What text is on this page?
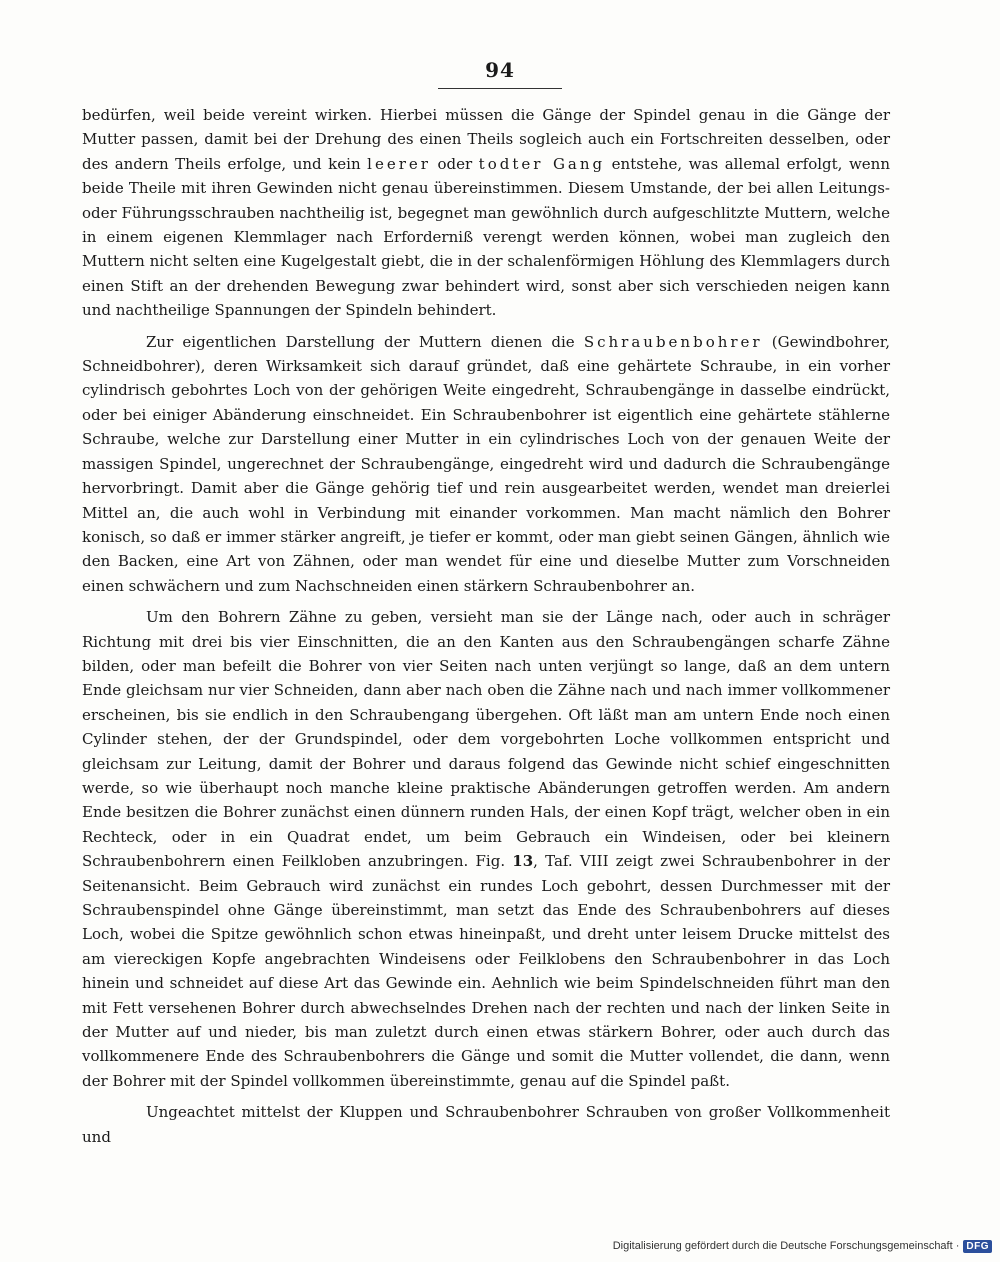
94

bedürfen, weil beide vereint wirken. Hierbei müssen die Gänge der Spindel genau in die Gänge der Mutter passen, damit bei der Drehung des einen Theils sogleich auch ein Fortschreiten desselben, oder des andern Theils erfolge, und kein leerer oder todter Gang entstehe, was allemal erfolgt, wenn beide Theile mit ihren Gewinden nicht genau übereinstimmen. Diesem Umstande, der bei allen Leitungs- oder Führungsschrauben nachtheilig ist, begegnet man gewöhnlich durch aufgeschlitzte Muttern, welche in einem eigenen Klemmlager nach Erforderniß verengt werden können, wobei man zugleich den Muttern nicht selten eine Kugelgestalt giebt, die in der schalenförmigen Höhlung des Klemmlagers durch einen Stift an der drehenden Bewegung zwar behindert wird, sonst aber sich verschieden neigen kann und nachtheilige Spannungen der Spindeln behindert.

Zur eigentlichen Darstellung der Muttern dienen die Schraubenbohrer (Gewindbohrer, Schneidbohrer), deren Wirksamkeit sich darauf gründet, daß eine gehärtete Schraube, in ein vorher cylindrisch gebohrtes Loch von der gehörigen Weite eingedreht, Schraubengänge in dasselbe eindrückt, oder bei einiger Abänderung einschneidet. Ein Schraubenbohrer ist eigentlich eine gehärtete stählerne Schraube, welche zur Darstellung einer Mutter in ein cylindrisches Loch von der genauen Weite der massigen Spindel, ungerechnet der Schraubengänge, eingedreht wird und dadurch die Schraubengänge hervorbringt. Damit aber die Gänge gehörig tief und rein ausgearbeitet werden, wendet man dreierlei Mittel an, die auch wohl in Verbindung mit einander vorkommen. Man macht nämlich den Bohrer konisch, so daß er immer stärker angreift, je tiefer er kommt, oder man giebt seinen Gängen, ähnlich wie den Backen, eine Art von Zähnen, oder man wendet für eine und dieselbe Mutter zum Vorschneiden einen schwächern und zum Nachschneiden einen stärkern Schraubenbohrer an.

Um den Bohrern Zähne zu geben, versieht man sie der Länge nach, oder auch in schräger Richtung mit drei bis vier Einschnitten, die an den Kanten aus den Schraubengängen scharfe Zähne bilden, oder man befeilt die Bohrer von vier Seiten nach unten verjüngt so lange, daß an dem untern Ende gleichsam nur vier Schneiden, dann aber nach oben die Zähne nach und nach immer vollkommener erscheinen, bis sie endlich in den Schraubengang übergehen. Oft läßt man am untern Ende noch einen Cylinder stehen, der der Grundspindel, oder dem vorgebohrten Loche vollkommen entspricht und gleichsam zur Leitung, damit der Bohrer und daraus folgend das Gewinde nicht schief eingeschnitten werde, so wie überhaupt noch manche kleine praktische Abänderungen getroffen werden. Am andern Ende besitzen die Bohrer zunächst einen dünnern runden Hals, der einen Kopf trägt, welcher oben in ein Rechteck, oder in ein Quadrat endet, um beim Gebrauch ein Windeisen, oder bei kleinern Schraubenbohrern einen Feilkloben anzubringen. Fig. 13, Taf. VIII zeigt zwei Schraubenbohrer in der Seitenansicht. Beim Gebrauch wird zunächst ein rundes Loch gebohrt, dessen Durchmesser mit der Schraubenspindel ohne Gänge übereinstimmt, man setzt das Ende des Schraubenbohrers auf dieses Loch, wobei die Spitze gewöhnlich schon etwas hineinpaßt, und dreht unter leisem Drucke mittelst des am viereckigen Kopfe angebrachten Windeisens oder Feilklobens den Schraubenbohrer in das Loch hinein und schneidet auf diese Art das Gewinde ein. Aehnlich wie beim Spindelschneiden führt man den mit Fett versehenen Bohrer durch abwechselndes Drehen nach der rechten und nach der linken Seite in der Mutter auf und nieder, bis man zuletzt durch einen etwas stärkern Bohrer, oder auch durch das vollkommenere Ende des Schraubenbohrers die Gänge und somit die Mutter vollendet, die dann, wenn der Bohrer mit der Spindel vollkommen übereinstimmte, genau auf die Spindel paßt.

Ungeachtet mittelst der Kluppen und Schraubenbohrer Schrauben von großer Vollkommenheit und

Digitalisierung gefördert durch die Deutsche Forschungsgemeinschaft · DFG
